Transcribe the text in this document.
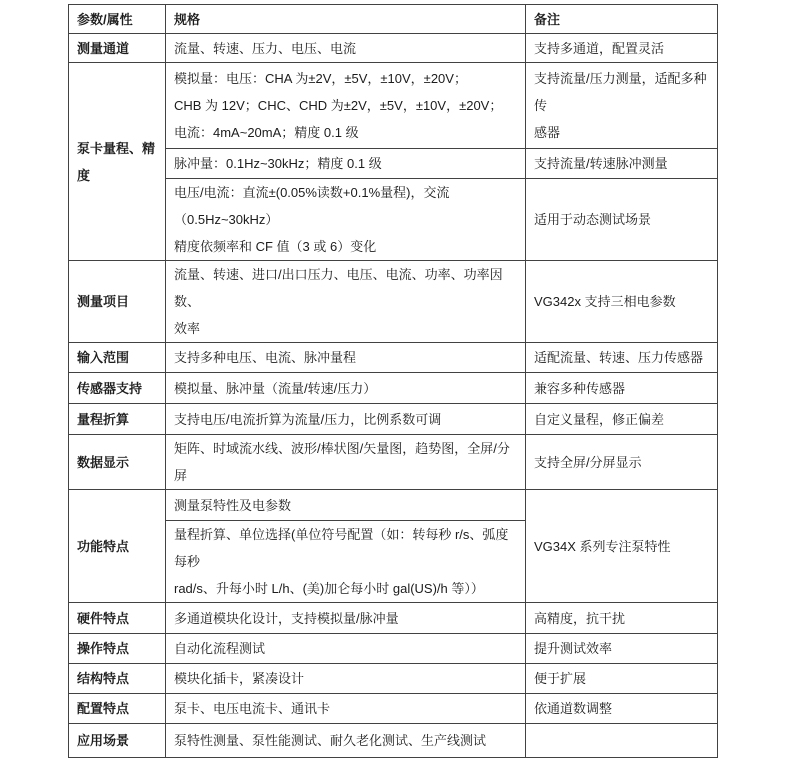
参数/属性	规格	备注
测量通道	流量、转速、压力、电压、电流	支持多通道，配置灵活
泵卡量程、精度	模拟量：电压：CHA 为±2V，±5V，±10V，±20V；
CHB 为 12V；CHC、CHD 为±2V，±5V，±10V，±20V；
电流：4mA~20mA；精度 0.1 级	支持流量/压力测量，适配多种传
感器
	脉冲量：0.1Hz~30kHz；精度 0.1 级	支持流量/转速脉冲测量
	电压/电流：直流±(0.05%读数+0.1%量程)，交流（0.5Hz~30kHz）
精度依频率和 CF 值（3 或 6）变化	适用于动态测试场景
测量项目	流量、转速、进口/出口压力、电压、电流、功率、功率因数、
效率	VG342x 支持三相电参数
输入范围	支持多种电压、电流、脉冲量程	适配流量、转速、压力传感器
传感器支持	模拟量、脉冲量（流量/转速/压力）	兼容多种传感器
量程折算	支持电压/电流折算为流量/压力，比例系数可调	自定义量程，修正偏差
数据显示	矩阵、时域流水线、波形/棒状图/矢量图，趋势图，全屏/分屏	支持全屏/分屏显示
功能特点	测量泵特性及电参数	VG34X 系列专注泵特性
	量程折算、单位选择(单位符号配置（如：转每秒 r/s、弧度每秒
rad/s、升每小时 L/h、(美)加仑每小时 gal(US)/h 等））	
硬件特点	多通道模块化设计，支持模拟量/脉冲量	高精度，抗干扰
操作特点	自动化流程测试	提升测试效率
结构特点	模块化插卡，紧凑设计	便于扩展
配置特点	泵卡、电压电流卡、通讯卡	依通道数调整
应用场景	泵特性测量、泵性能测试、耐久老化测试、生产线测试	
